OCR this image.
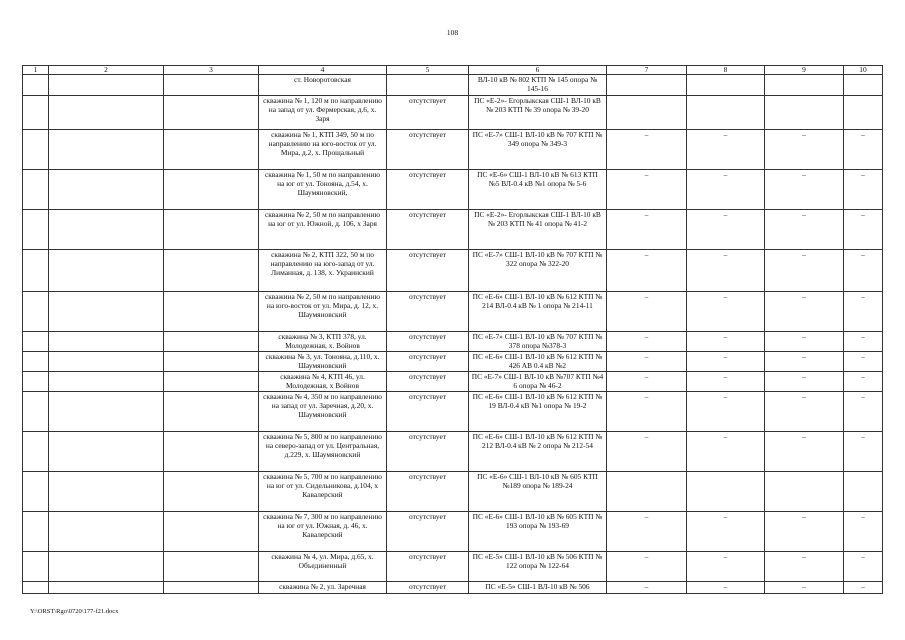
108
1	2	3	4	5	6	7	8	9	10
			ст. Новоротовская		ВЛ-10 кВ № 802 КТП № 145 опора № 145-16				
			скважина № 1, 120 м по направлению на запад от ул. Фермерская, д.6, х. Заря	отсутствует	ПС «Е-2»- Егорлыкская СШ-1 ВЛ-10 кВ № 203 КТП № 39 опора № 39-20				
			скважина № 1, КТП 349, 50 м по направлению на юго-восток от ул. Мира, д.2, х. Прощальный	отсутствует	ПС «Е-7» СШ-1 ВЛ-10 кВ № 707 КТП № 349 опора № 349-3	–	–	–	–
			скважина № 1, 50 м по направлению на юг от ул. Тонояна, д.54, х. Шаумяновский,	отсутствует	ПС «Е-6» СШ-1 ВЛ-10 кВ № 613 КТП №5 ВЛ-0.4 кВ №1 опора № 5-6	–	–	–	–
			скважина № 2, 50 м по направлению на юг от ул. Южной, д. 106, х Заря	отсутствует	ПС «Е-2»- Егорлыкская СШ-1 ВЛ-10 кВ № 203 КТП № 41 опора № 41-2	–	–	–	–
			скважина № 2, КТП 322, 50 м по направлению на юго-запад от ул. Лиманная, д. 138, х. Украинский	отсутствует	ПС «Е-7» СШ-1 ВЛ-10 кВ № 707 КТП № 322 опора № 322-20	–	–	–	–
			скважина № 2, 50 м по направлению на юго-восток от ул. Мира, д. 12, х. Шаумяновский	отсутствует	ПС «Е-6» СШ-1 ВЛ-10 кВ № 612 КТП № 214 ВЛ-0.4 кВ № 1 опора № 214-11	–	–	–	–
			скважина № 3, КТП 378, ул. Молодежная, х. Войнов	отсутствует	ПС «Е-7» СШ-1 ВЛ-10 кВ № 707 КТП № 378 опора №378-3	–	–	–	–
			скважина № 3, ул. Тонояна, д.110, х. Шаумяновский	отсутствует	ПС «Е-6» СШ-1 ВЛ-10 кВ № 612 КТП № 426 АВ 0.4 кВ №2	–	–	–	–
			скважина № 4, КТП 46, ул. Молодежная, х Войнов	отсутствует	ПС «Е-7» СШ-1 ВЛ-10 кВ №707 КТП №4 6 опора № 46-2	–	–	–	–
			скважина № 4, 350 м по направлению на запад от ул. Заречная, д.20, х. Шаумяновский	отсутствует	ПС «Е-6» СШ-1 ВЛ-10 кВ № 612 КТП № 19 ВЛ-0.4 кВ №1 опора № 19-2	–	–	–	–
			скважина № 5, 800 м по направлению на северо-запад от ул. Центральная, д.229, х. Шаумяновский	отсутствует	ПС «Е-6» СШ-1 ВЛ-10 кВ № 612 КТП № 212 ВЛ-0.4 кВ № 2 опора № 212-54	–	–	–	–
			скважина № 5, 700 м по направлению на юг от ул. Сидельникова, д.104, х Кавалерский	отсутствует	ПС «Е-6» СШ-1 ВЛ-10 кВ № 605 КТП №189 опора № 189-24				
			скважина № 7, 300 м по направлению на юг от ул. Южная, д. 46, х. Кавалерский	отсутствует	ПС «Е-6» СШ-1 ВЛ-10 кВ № 605 КТП № 193 опора № 193-69	–	–	–	–
			скважина № 4, ул. Мира, д.65, х. Объединенный	отсутствует	ПС «Е-5» СШ-1 ВЛ-10 кВ № 506 КТП № 122 опора № 122-64	–	–	–	–
			скважина № 2, ул. Заречная	отсутствует	ПС «Е-5» СШ-1 ВЛ-10 кВ № 506	–	–	–	–
Y:\ORST\Rgo\0720\177-f21.docx
